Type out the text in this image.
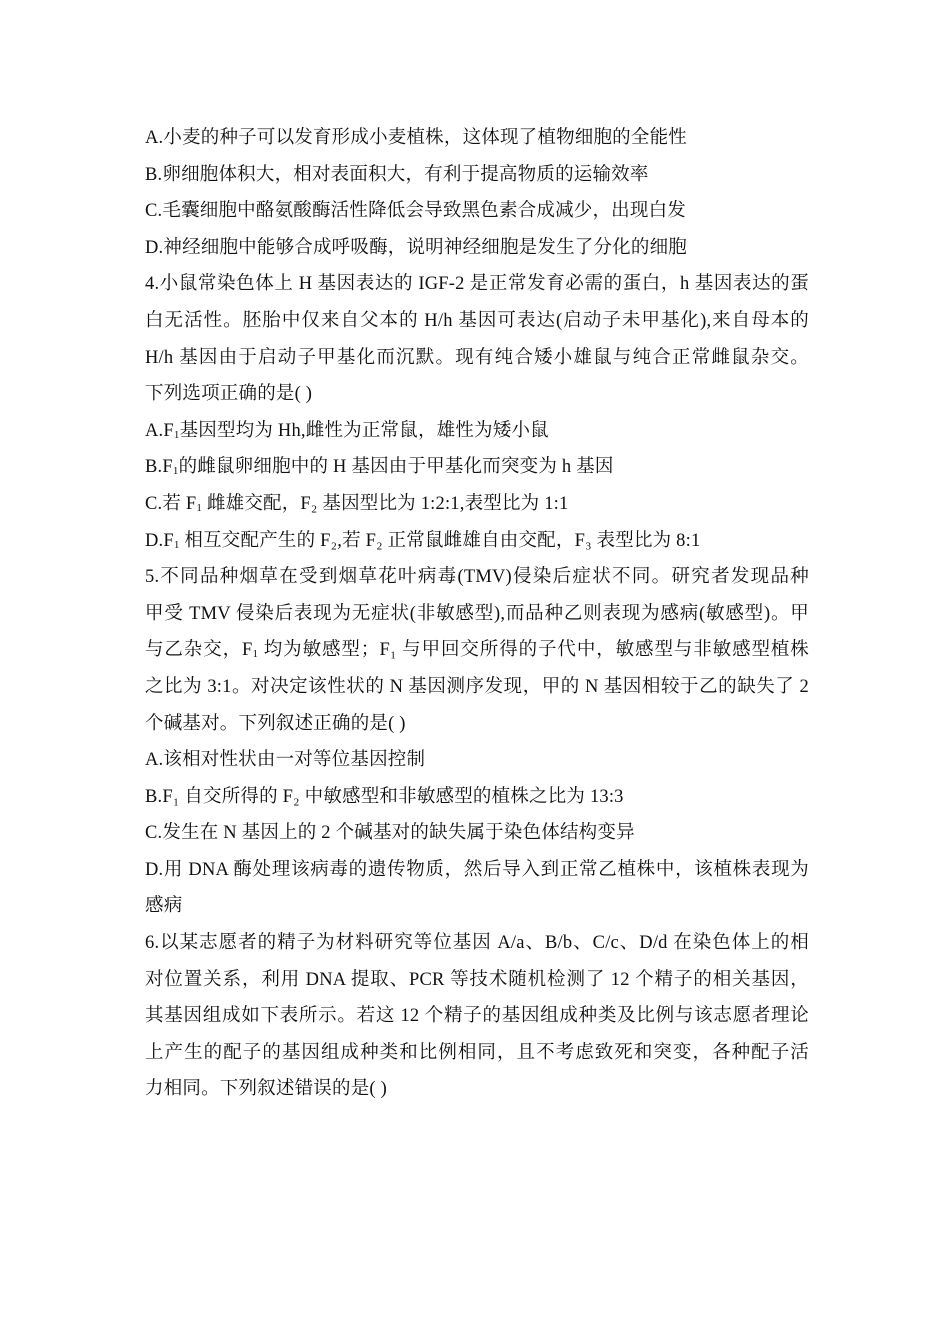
A.小麦的种子可以发育形成小麦植株，这体现了植物细胞的全能性
B.卵细胞体积大，相对表面积大，有利于提高物质的运输效率
C.毛囊细胞中酪氨酸酶活性降低会导致黑色素合成减少，出现白发
D.神经细胞中能够合成呼吸酶，说明神经细胞是发生了分化的细胞
4.小鼠常染色体上 H 基因表达的 IGF-2 是正常发育必需的蛋白，h 基因表达的蛋
白无活性。胚胎中仅来自父本的 H/h 基因可表达(启动子未甲基化),来自母本的
H/h 基因由于启动子甲基化而沉默。现有纯合矮小雄鼠与纯合正常雌鼠杂交。
下列选项正确的是( )
$A.F_1$基因型均为 Hh,雌性为正常鼠，雄性为矮小鼠
$B.F_1$的雌鼠卵细胞中的 H 基因由于甲基化而突变为 h 基因
C.若 $F_1$ 雌雄交配，F₂ 基因型比为 1:2:1,表型比为 1:1
$D.F_1$ 相互交配产生的 F₂,若 F₂ 正常鼠雌雄自由交配，F₃ 表型比为 8:1
5.不同品种烟草在受到烟草花叶病毒(TMV)侵染后症状不同。研究者发现品种
甲受 TMV 侵染后表现为无症状(非敏感型),而品种乙则表现为感病(敏感型)。甲
与乙杂交，$F_1$ 均为敏感型；F₁ 与甲回交所得的子代中，敏感型与非敏感型植株
之比为 3:1。对决定该性状的 N 基因测序发现，甲的 N 基因相较于乙的缺失了 2
个碱基对。下列叙述正确的是( )
A.该相对性状由一对等位基因控制
B.F₁ 自交所得的 F₂ 中敏感型和非敏感型的植株之比为 13:3
C.发生在 N 基因上的 2 个碱基对的缺失属于染色体结构变异
D.用 DNA 酶处理该病毒的遗传物质，然后导入到正常乙植株中，该植株表现为
感病
6.以某志愿者的精子为材料研究等位基因 A/a、B/b、C/c、D/d 在染色体上的相
对位置关系，利用 DNA 提取、PCR 等技术随机检测了 12 个精子的相关基因，
其基因组成如下表所示。若这 12 个精子的基因组成种类及比例与该志愿者理论
上产生的配子的基因组成种类和比例相同，且不考虑致死和突变，各种配子活
力相同。下列叙述错误的是( )
